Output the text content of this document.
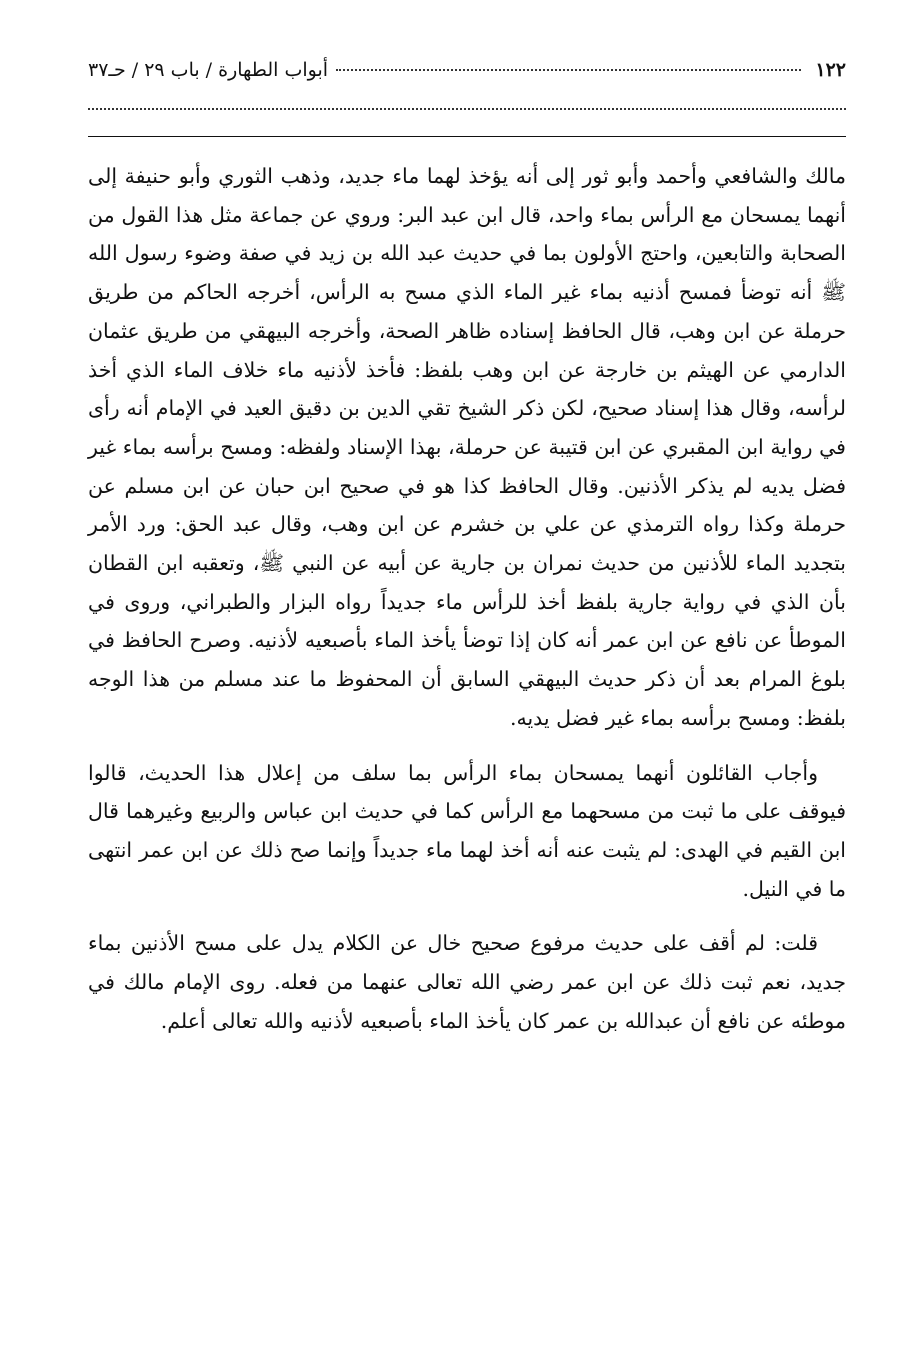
١٢٢
أبواب الطهارة / باب ٢٩ / حـ٣٧

مالك والشافعي وأحمد وأبو ثور إلى أنه يؤخذ لهما ماء جديد، وذهب الثوري وأبو حنيفة إلى أنهما يمسحان مع الرأس بماء واحد، قال ابن عبد البر: وروي عن جماعة مثل هذا القول من الصحابة والتابعين، واحتج الأولون بما في حديث عبد الله بن زيد في صفة وضوء رسول الله ﷺ أنه توضأ فمسح أذنيه بماء غير الماء الذي مسح به الرأس، أخرجه الحاكم من طريق حرملة عن ابن وهب، قال الحافظ إسناده ظاهر الصحة، وأخرجه البيهقي من طريق عثمان الدارمي عن الهيثم بن خارجة عن ابن وهب بلفظ: فأخذ لأذنيه ماء خلاف الماء الذي أخذ لرأسه، وقال هذا إسناد صحيح، لكن ذكر الشيخ تقي الدين بن دقيق العيد في الإمام أنه رأى في رواية ابن المقبري عن ابن قتيبة عن حرملة، بهذا الإسناد ولفظه: ومسح برأسه بماء غير فضل يديه لم يذكر الأذنين. وقال الحافظ كذا هو في صحيح ابن حبان عن ابن مسلم عن حرملة وكذا رواه الترمذي عن علي بن خشرم عن ابن وهب، وقال عبد الحق: ورد الأمر بتجديد الماء للأذنين من حديث نمران بن جارية عن أبيه عن النبي ﷺ، وتعقبه ابن القطان بأن الذي في رواية جارية بلفظ أخذ للرأس ماء جديداً رواه البزار والطبراني، وروى في الموطأ عن نافع عن ابن عمر أنه كان إذا توضأ يأخذ الماء بأصبعيه لأذنيه. وصرح الحافظ في بلوغ المرام بعد أن ذكر حديث البيهقي السابق أن المحفوظ ما عند مسلم من هذا الوجه بلفظ: ومسح برأسه بماء غير فضل يديه.

وأجاب القائلون أنهما يمسحان بماء الرأس بما سلف من إعلال هذا الحديث، قالوا فيوقف على ما ثبت من مسحهما مع الرأس كما في حديث ابن عباس والربيع وغيرهما قال ابن القيم في الهدى: لم يثبت عنه أنه أخذ لهما ماء جديداً وإنما صح ذلك عن ابن عمر انتهى ما في النيل.

قلت: لم أقف على حديث مرفوع صحيح خال عن الكلام يدل على مسح الأذنين بماء جديد، نعم ثبت ذلك عن ابن عمر رضي الله تعالى عنهما من فعله. روى الإمام مالك في موطئه عن نافع أن عبدالله بن عمر كان يأخذ الماء بأصبعيه لأذنيه والله تعالى أعلم.
